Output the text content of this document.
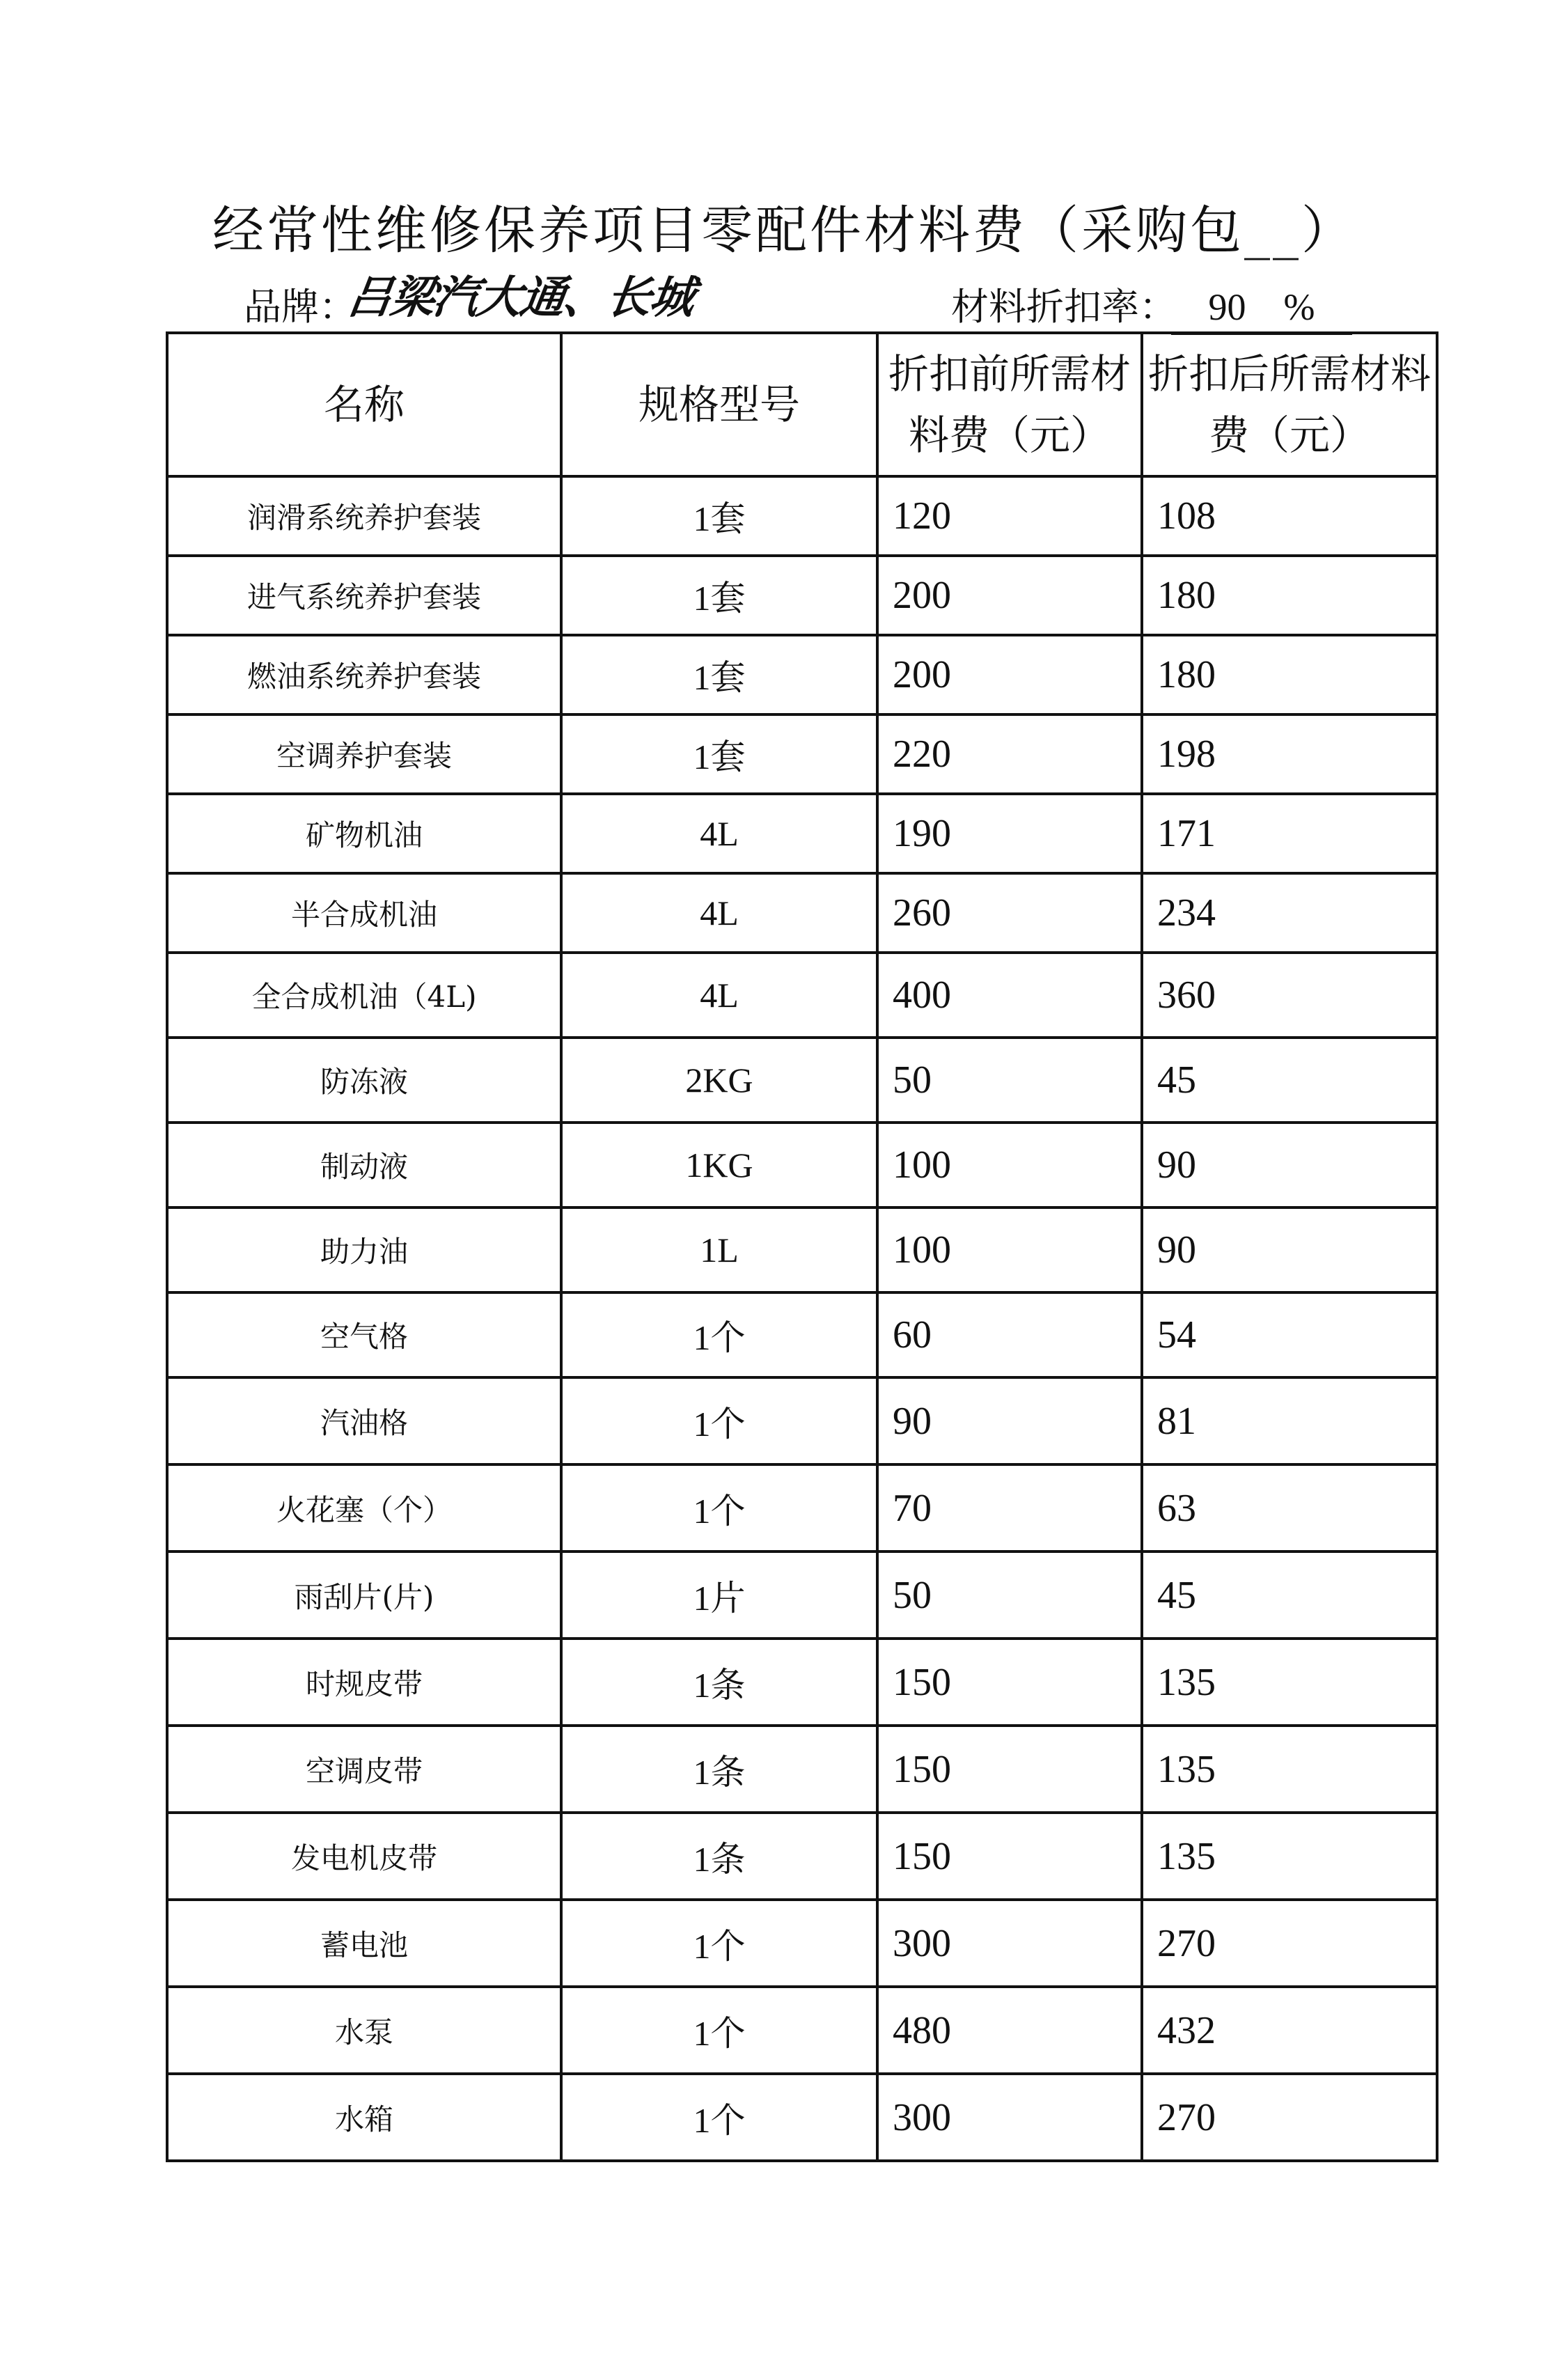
经常性维修保养项目零配件材料费（采购包__）
品牌：
吕梁汽大通、长城	材料折扣率： 90　%
名称	规格型号	折扣前所需材料费（元）	折扣后所需材料费（元）
润滑系统养护套装	1套	120	108
进气系统养护套装	1套	200	180
燃油系统养护套装	1套	200	180
空调养护套装	1套	220	198
矿物机油	4L	190	171
半合成机油	4L	260	234
全合成机油（4L)	4L	400	360
防冻液	2KG	50	45
制动液	1KG	100	90
助力油	1L	100	90
空气格	1个	60	54
汽油格	1个	90	81
火花塞（个）	1个	70	63
雨刮片(片)	1片	50	45
时规皮带	1条	150	135
空调皮带	1条	150	135
发电机皮带	1条	150	135
蓄电池	1个	300	270
水泵	1个	480	432
水箱	1个	300	270
